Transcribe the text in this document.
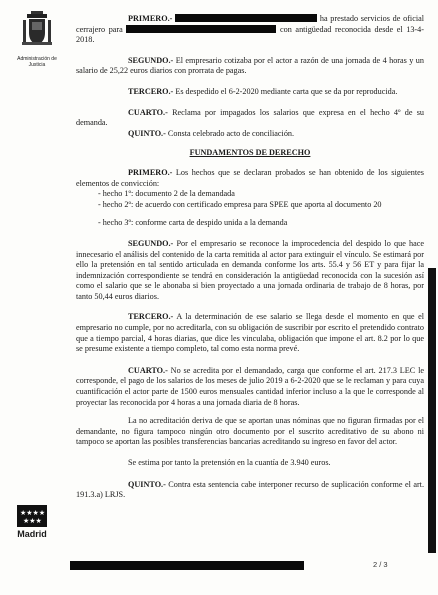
Administración de Justicia

PRIMERO.-	ha prestado servicios de oficial cerrajero para	con antigüedad reconocida desde el 13-4-2018.

SEGUNDO.- El empresario cotizaba por el actor a razón de una jornada de 4 horas y un salario de 25,22 euros diarios con prorrata de pagas.

TERCERO.- Es despedido el 6-2-2020 mediante carta que se da por reproducida.

CUARTO.- Reclama por impagados los salarios que expresa en el hecho 4º de su demanda.

QUINTO.- Consta celebrado acto de conciliación.

FUNDAMENTOS DE DERECHO

PRIMERO.- Los hechos que se declaran probados se han obtenido de los siguientes elementos de convicción:

- hecho 1º: documento 2 de la demandada

- hecho 2º: de acuerdo con certificado empresa para SPEE que aporta al documento 20

- hecho 3º: conforme carta de despido unida a la demanda

SEGUNDO.- Por el empresario se reconoce la improcedencia del despido lo que hace innecesario el análisis del contenido de la carta remitida al actor para extinguir el vínculo. Se estimará por ello la pretensión en tal sentido articulada en demanda conforme los arts. 55.4 y 56 ET y para fijar la indemnización correspondiente se tendrá en consideración la antigüedad reconocida con la sucesión así como el salario que se le abonaba si bien proyectado a una jornada ordinaria de trabajo de 8 horas, por tanto 50,44 euros diarios.

TERCERO.- A la determinación de ese salario se llega desde el momento en que el empresario no cumple, por no acreditarla, con su obligación de suscribir por escrito el pretendido contrato que a tiempo parcial, 4 horas diarias, que dice les vinculaba, obligación que impone el art. 8.2 por lo que se presume existente a tiempo completo, tal como esta norma prevé.

CUARTO.- No se acredita por el demandado, carga que conforme el art. 217.3 LEC le corresponde, el pago de los salarios de los meses de julio 2019 a 6-2-2020 que se le reclaman y para cuya cuantificación el actor parte de 1500 euros mensuales cantidad inferior incluso a la que le corresponde al proyectar las reconocida por 4 horas a una jornada diaria de 8 horas.

La no acreditación deriva de que se aportan unas nóminas que no figuran firmadas por el demandante, no figura tampoco ningún otro documento por el suscrito acreditativo de su abono ni tampoco se aportan las posibles transferencias bancarias acreditando su ingreso en favor del actor.

Se estima por tanto la pretensión en la cuantía de 3.940 euros.

QUINTO.- Contra esta sentencia cabe interponer recurso de suplicación conforme el art. 191.3.a) LRJS.

★★★★
★★★
Madrid
2 / 3
